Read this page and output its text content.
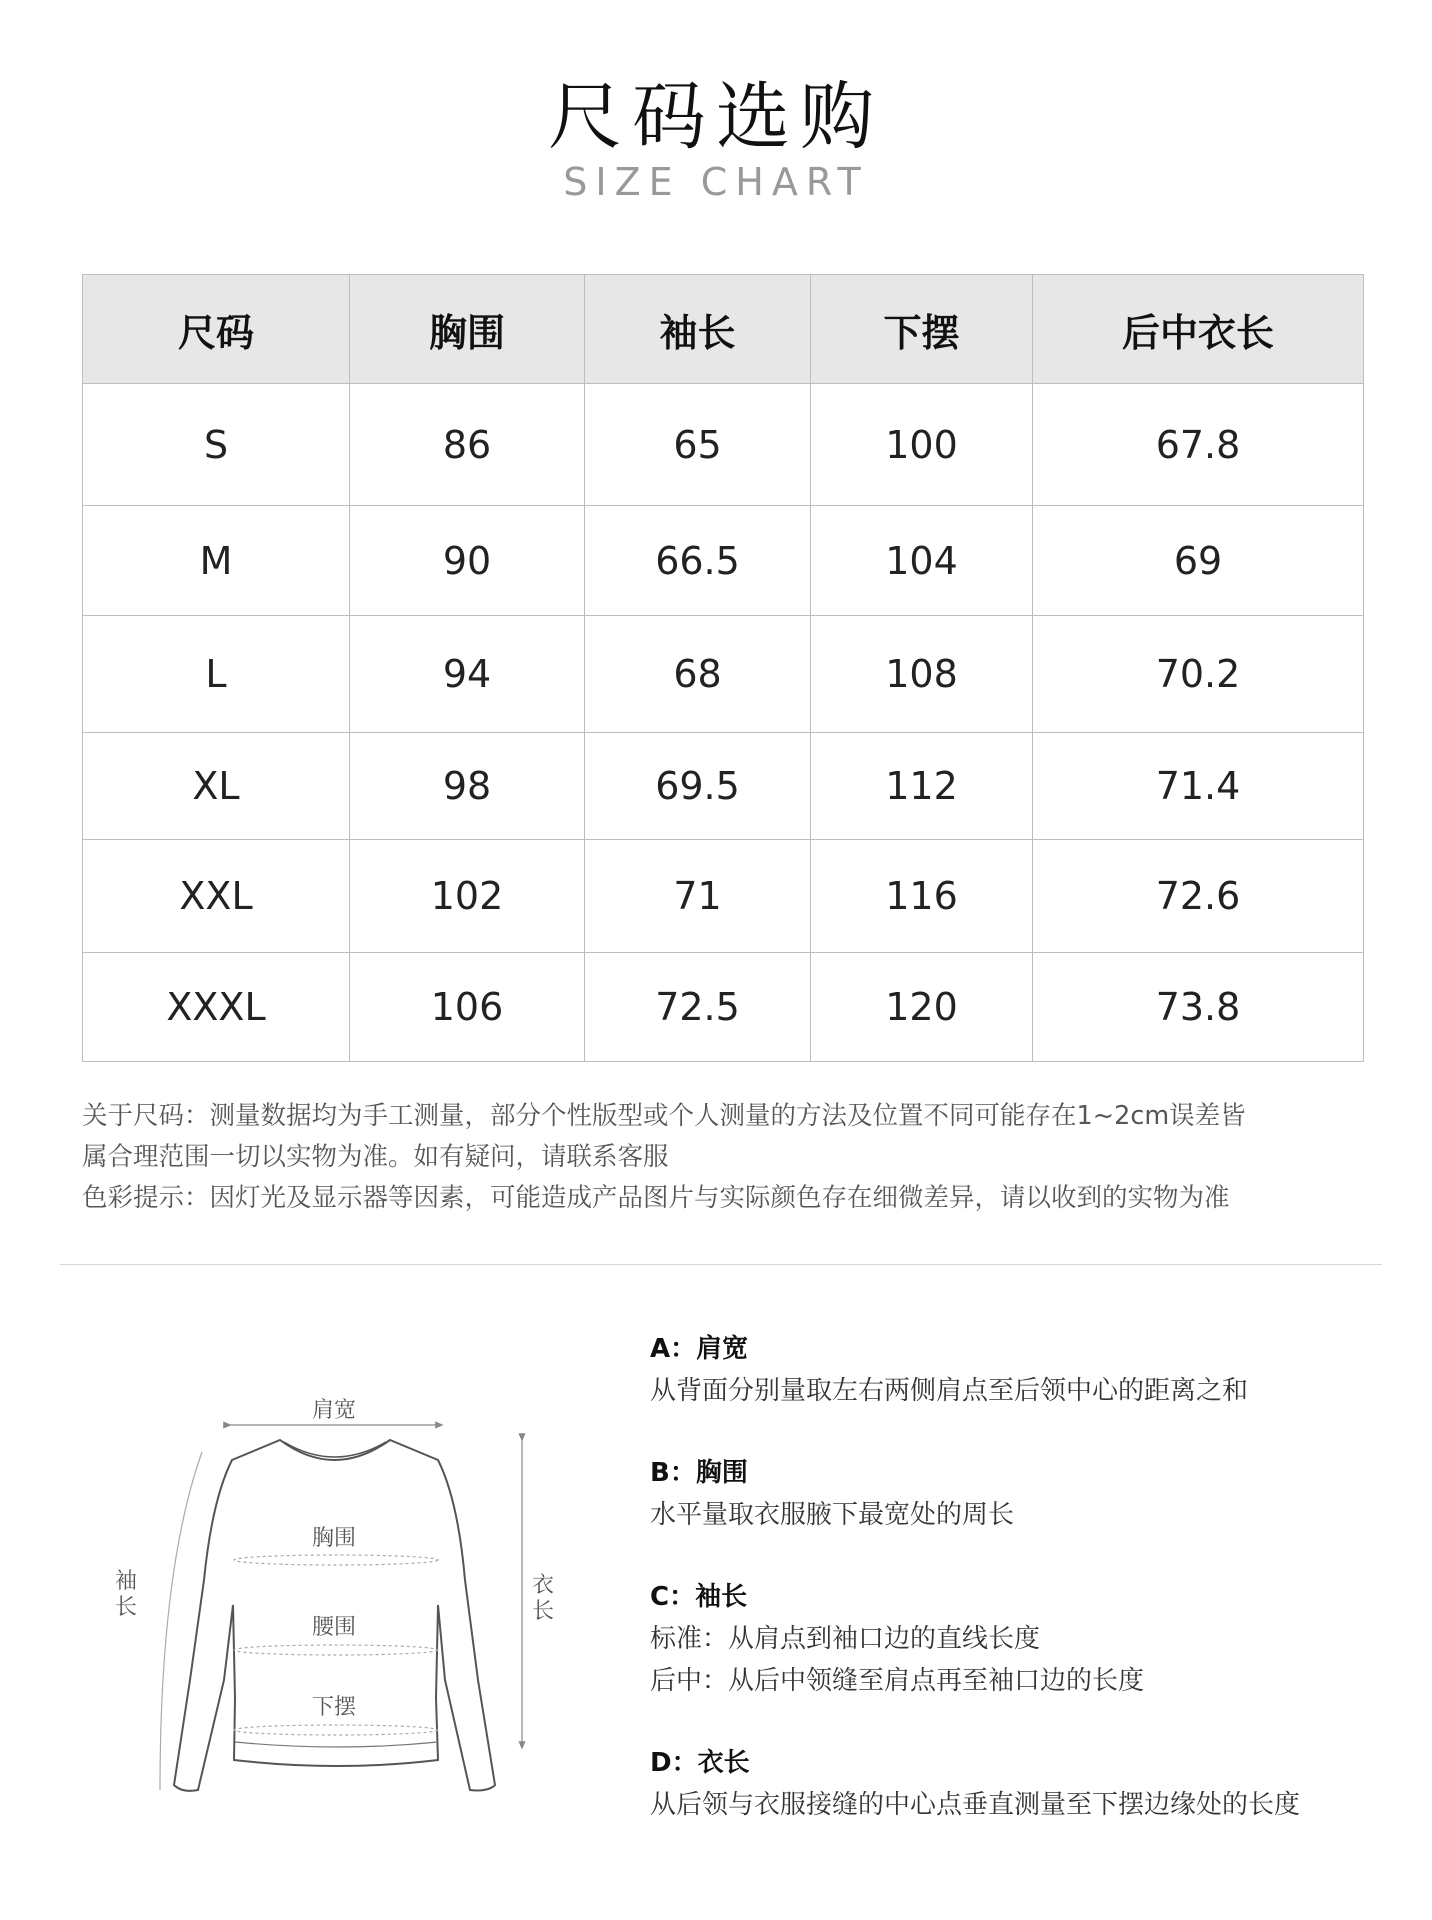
尺码选购
SIZE CHART
尺码	胸围	袖长	下摆	后中衣长
S	86	65	100	67.8
M	90	66.5	104	69
L	94	68	108	70.2
XL	98	69.5	112	71.4
XXL	102	71	116	72.6
XXXL	106	72.5	120	73.8

关于尺码：测量数据均为手工测量，部分个性版型或个人测量的方法及位置不同可能存在1~2cm误差皆

属合理范围一切以实物为准。如有疑问，请联系客服

色彩提示：因灯光及显示器等因素，可能造成产品图片与实际颜色存在细微差异，请以收到的实物为准

肩宽
胸围
腰围
下摆
袖
长
衣
长
A：肩宽
从背面分别量取左右两侧肩点至后领中心的距离之和
B：胸围
水平量取衣服腋下最宽处的周长
C：袖长
标准：从肩点到袖口边的直线长度
后中：从后中领缝至肩点再至袖口边的长度
D：衣长
从后领与衣服接缝的中心点垂直测量至下摆边缘处的长度
